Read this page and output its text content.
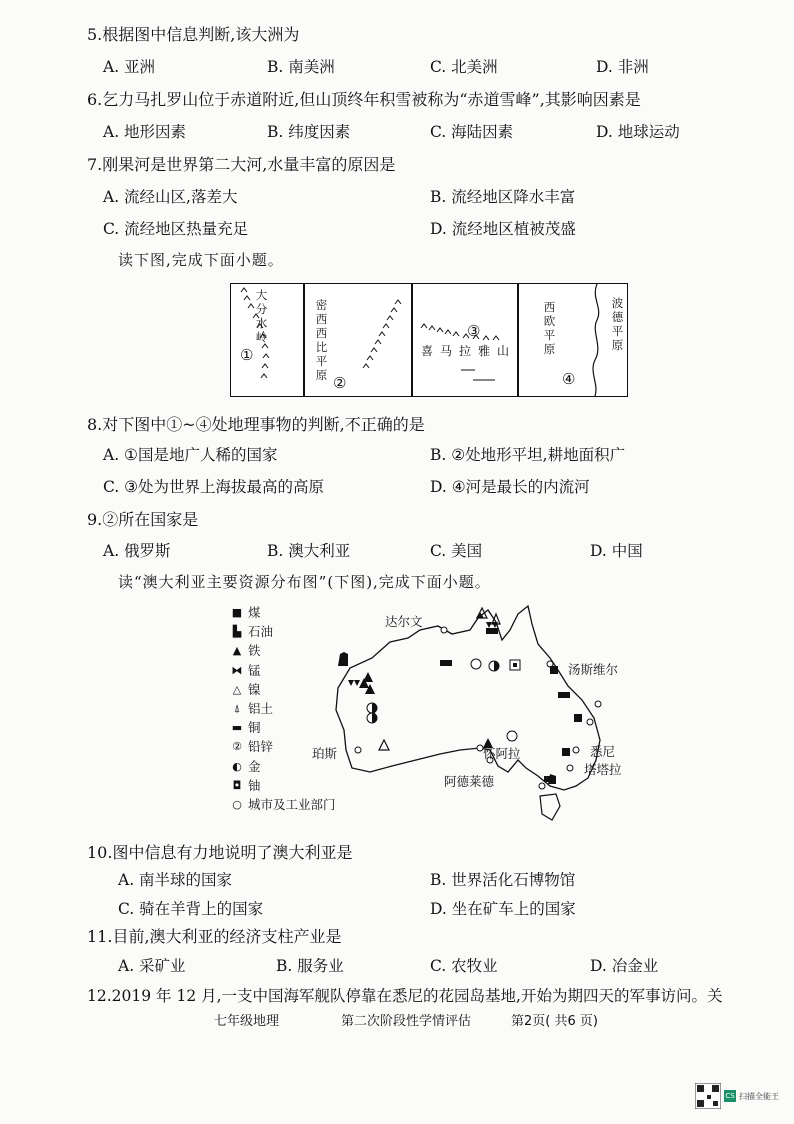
5.根据图中信息判断,该大洲为
A. 亚洲	B. 南美洲	C. 北美洲	D. 非洲
6.乞力马扎罗山位于赤道附近,但山顶终年积雪被称为“赤道雪峰”,其影响因素是
A. 地形因素	B. 纬度因素	C. 海陆因素	D. 地球运动
7.刚果河是世界第二大河,水量丰富的原因是
A. 流经山区,落差大	B. 流经地区降水丰富
C. 流经地区热量充足	D. 流经地区植被茂盛
读下图,完成下面小题。
大分水岭
①
密西西比平原 ②
③
喜马拉雅山
西欧平原
波德平原
④
8.对下图中①~④处地理事物的判断,不正确的是
A. ①国是地广人稀的国家	B. ②处地形平坦,耕地面积广
C. ③处为世界上海拔最高的高原	D. ④河是最长的内流河
9.②所在国家是
A. 俄罗斯	B. 澳大利亚	C. 美国	D. 中国
读“澳大利亚主要资源分布图”(下图),完成下面小题。
■ 煤
▙ 石油
▲ 铁
⧓ 锰
△ 镍
⍋ 铝土
▬ 铜
② 铅锌
◐ 金
◘ 铀
○ 城市及工业部门
达尔文
汤斯维尔
珀斯	怀阿拉	悉尼
塔塔拉
阿德莱德
10.图中信息有力地说明了澳大利亚是
A. 南半球的国家	B. 世界活化石博物馆
C. 骑在羊背上的国家	D. 坐在矿车上的国家
11.目前,澳大利亚的经济支柱产业是
A. 采矿业	B. 服务业	C. 农牧业	D. 冶金业
12.2019 年 12 月,一支中国海军舰队停靠在悉尼的花园岛基地,开始为期四天的军事访问。关
七年级地理	第二次阶段性学情评估	第2页( 共6 页)
CS 扫描全能王
